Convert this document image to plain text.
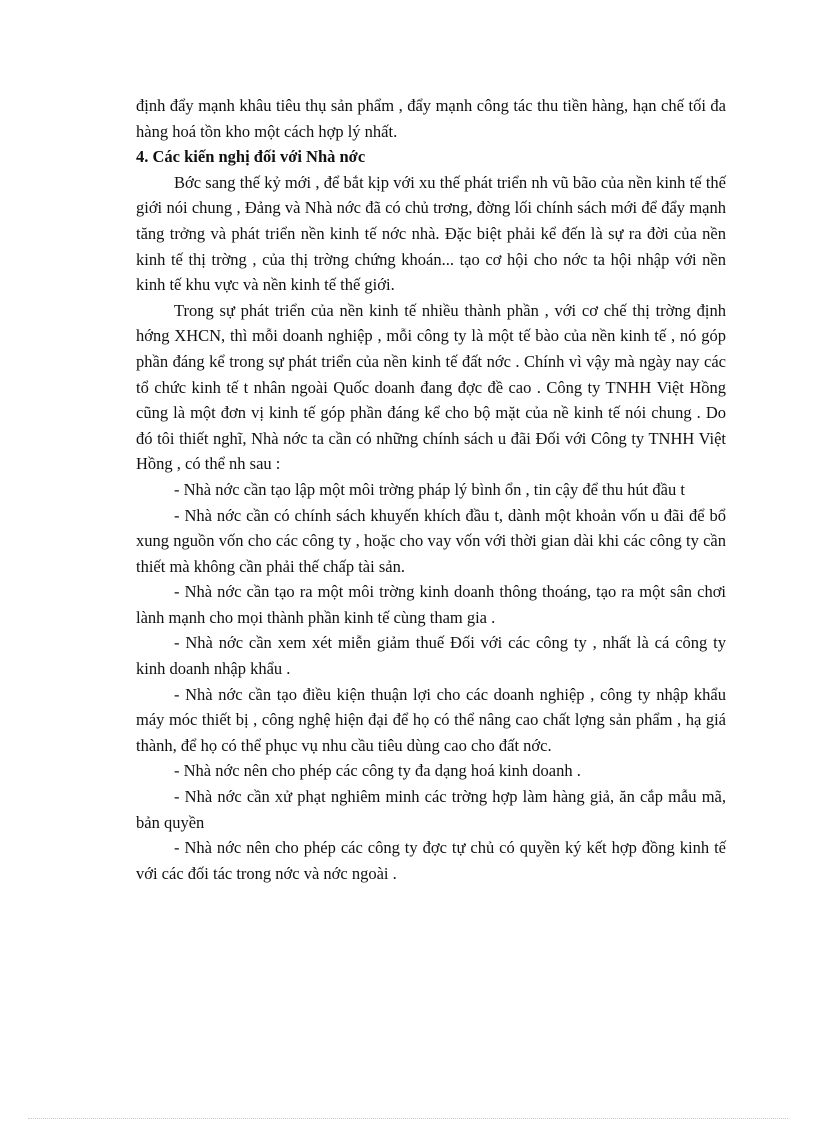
định đẩy mạnh khâu tiêu thụ sản phẩm , đẩy mạnh công tác thu tiền hàng, hạn chế tối đa hàng hoá tồn kho một cách hợp lý nhất.

4. Các kiến nghị đối với Nhà nớc

Bớc sang thế kỷ mới , để bắt kịp với xu thế phát triển nh vũ bão của nền kinh tế thế giới nói chung , Đảng và Nhà nớc đã có chủ trơng, đờng lối chính sách mới để đẩy mạnh tăng trởng và phát triển nền kinh tế nớc nhà. Đặc biệt phải kể đến là sự ra đời của nền kinh tế thị trờng , của thị trờng chứng khoán... tạo cơ hội cho nớc ta hội nhập với nền kinh tế khu vực và nền kinh tế thế giới.

Trong sự phát triển của nền kinh tế nhiều thành phần , với cơ chế thị trờng định hớng XHCN, thì mỗi doanh nghiệp , mỗi công ty là một tế bào của nền kinh tế , nó góp phần đáng kể trong sự phát triển của nền kinh tế đất nớc . Chính vì vậy mà ngày nay các tổ chức kinh tế t nhân ngoài Quốc doanh đang đợc đề cao . Công ty TNHH Việt Hồng cũng là một đơn vị kinh tế góp phần đáng kể cho bộ mặt của nề kinh tế nói chung . Do đó tôi thiết nghĩ, Nhà nớc ta cần có những chính sách u đãi Đối với Công ty TNHH Việt Hồng , có thể nh sau :

- Nhà nớc cần tạo lập một môi trờng pháp lý bình ổn , tin cậy để thu hút đầu t

- Nhà nớc cần có chính sách khuyến khích đầu t, dành một khoản vốn u đãi để bổ xung nguồn vốn cho các công ty , hoặc cho vay vốn với thời gian dài khi các công ty cần thiết mà không cần phải thế chấp tài sản.

- Nhà nớc cần tạo ra một môi trờng kinh doanh thông thoáng, tạo ra một sân chơi lành mạnh cho mọi thành phần kinh tế cùng tham gia .

- Nhà nớc cần xem xét miễn giảm thuế Đối với các công ty , nhất là cá công ty kinh doanh nhập khẩu .

- Nhà nớc cần tạo điều kiện thuận lợi cho các doanh nghiệp , công ty nhập khẩu máy móc thiết bị , công nghệ hiện đại để họ có thể nâng cao chất lợng sản phẩm , hạ giá thành, để họ có thể phục vụ nhu cầu tiêu dùng cao cho đất nớc.

- Nhà nớc nên cho phép các công ty đa dạng hoá kinh doanh .

- Nhà nớc cần xử phạt nghiêm minh các trờng hợp làm hàng giả, ăn cắp mẫu mã, bản quyền

- Nhà nớc nên cho phép các công ty đợc tự chủ có quyền ký kết hợp đồng kinh tế với các đối tác trong nớc và nớc ngoài .
